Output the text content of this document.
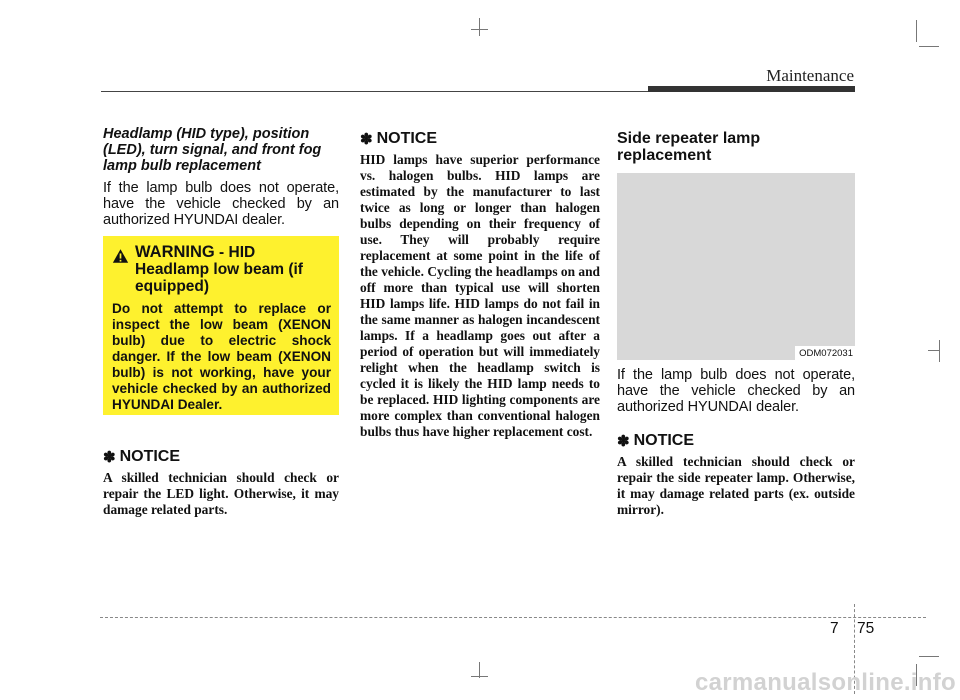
Maintenance

Headlamp (HID type), position (LED), turn signal, and front fog lamp bulb replacement

If the lamp bulb does not operate, have the vehicle checked by an authorized HYUNDAI dealer.

WARNING - HID Headlamp low beam (if equipped)
Do not attempt to replace or inspect the low beam (XENON bulb) due to electric shock danger. If the low beam (XENON bulb) is not working, have your vehicle checked by an authorized HYUNDAI Dealer.
✽ NOTICE

A skilled technician should check or repair the LED light. Otherwise, it may damage related parts.

✽ NOTICE

HID lamps have superior performance vs. halogen bulbs. HID lamps are estimated by the manufacturer to last twice as long or longer than halogen bulbs depending on their frequency of use. They will probably require replacement at some point in the life of the vehicle. Cycling the headlamps on and off more than typical use will shorten HID lamps life. HID lamps do not fail in the same manner as halogen incandescent lamps. If a headlamp goes out after a period of operation but will immediately relight when the headlamp switch is cycled it is likely the HID lamp needs to be replaced. HID lighting components are more complex than conventional halogen bulbs thus have higher replacement cost.

Side repeater lamp replacement

ODM072031

If the lamp bulb does not operate, have the vehicle checked by an authorized HYUNDAI dealer.

✽ NOTICE

A skilled technician should check or repair the side repeater lamp. Otherwise, it may damage related parts (ex. outside mirror).

7 75
carmanualsonline.info
